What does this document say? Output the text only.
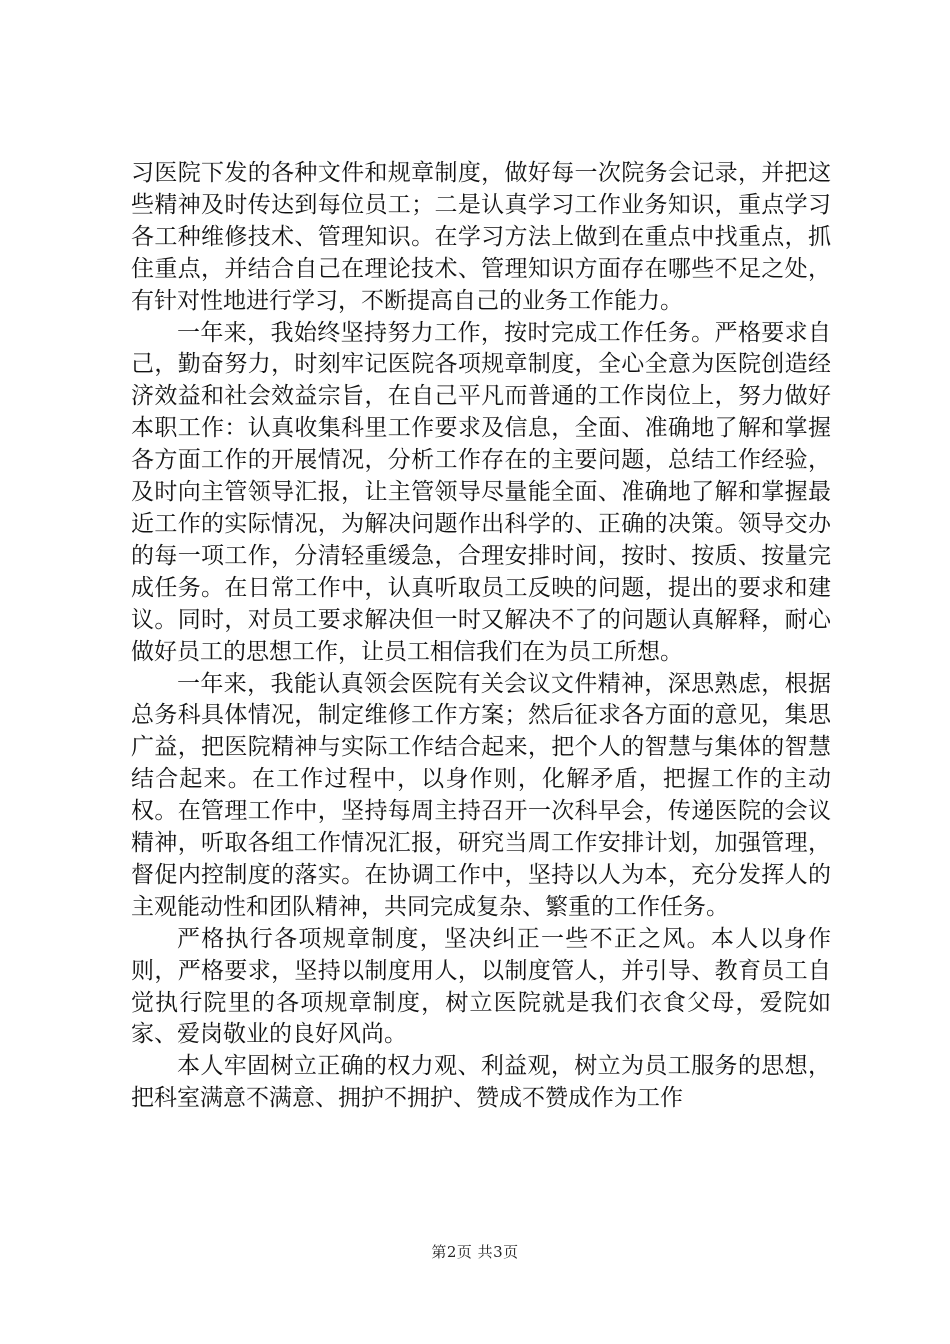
习医院下发的各种文件和规章制度，做好每一次院务会记录，并把这些精神及时传达到每位员工；二是认真学习工作业务知识，重点学习各工种维修技术、管理知识。在学习方法上做到在重点中找重点，抓住重点，并结合自己在理论技术、管理知识方面存在哪些不足之处，有针对性地进行学习，不断提高自己的业务工作能力。

一年来，我始终坚持努力工作，按时完成工作任务。严格要求自己，勤奋努力，时刻牢记医院各项规章制度，全心全意为医院创造经济效益和社会效益宗旨，在自己平凡而普通的工作岗位上，努力做好本职工作：认真收集科里工作要求及信息，全面、准确地了解和掌握各方面工作的开展情况，分析工作存在的主要问题，总结工作经验，及时向主管领导汇报，让主管领导尽量能全面、准确地了解和掌握最近工作的实际情况，为解决问题作出科学的、正确的决策。领导交办的每一项工作，分清轻重缓急，合理安排时间，按时、按质、按量完成任务。在日常工作中，认真听取员工反映的问题，提出的要求和建议。同时，对员工要求解决但一时又解决不了的问题认真解释，耐心做好员工的思想工作，让员工相信我们在为员工所想。

一年来，我能认真领会医院有关会议文件精神，深思熟虑，根据总务科具体情况，制定维修工作方案；然后征求各方面的意见，集思广益，把医院精神与实际工作结合起来，把个人的智慧与集体的智慧结合起来。在工作过程中，以身作则，化解矛盾，把握工作的主动权。在管理工作中，坚持每周主持召开一次科早会，传递医院的会议精神，听取各组工作情况汇报，研究当周工作安排计划，加强管理，督促内控制度的落实。在协调工作中，坚持以人为本，充分发挥人的主观能动性和团队精神，共同完成复杂、繁重的工作任务。

严格执行各项规章制度，坚决纠正一些不正之风。本人以身作则，严格要求，坚持以制度用人，以制度管人，并引导、教育员工自觉执行院里的各项规章制度，树立医院就是我们衣食父母，爱院如家、爱岗敬业的良好风尚。

本人牢固树立正确的权力观、利益观，树立为员工服务的思想，把科室满意不满意、拥护不拥护、赞成不赞成作为工作

第2页 共3页
